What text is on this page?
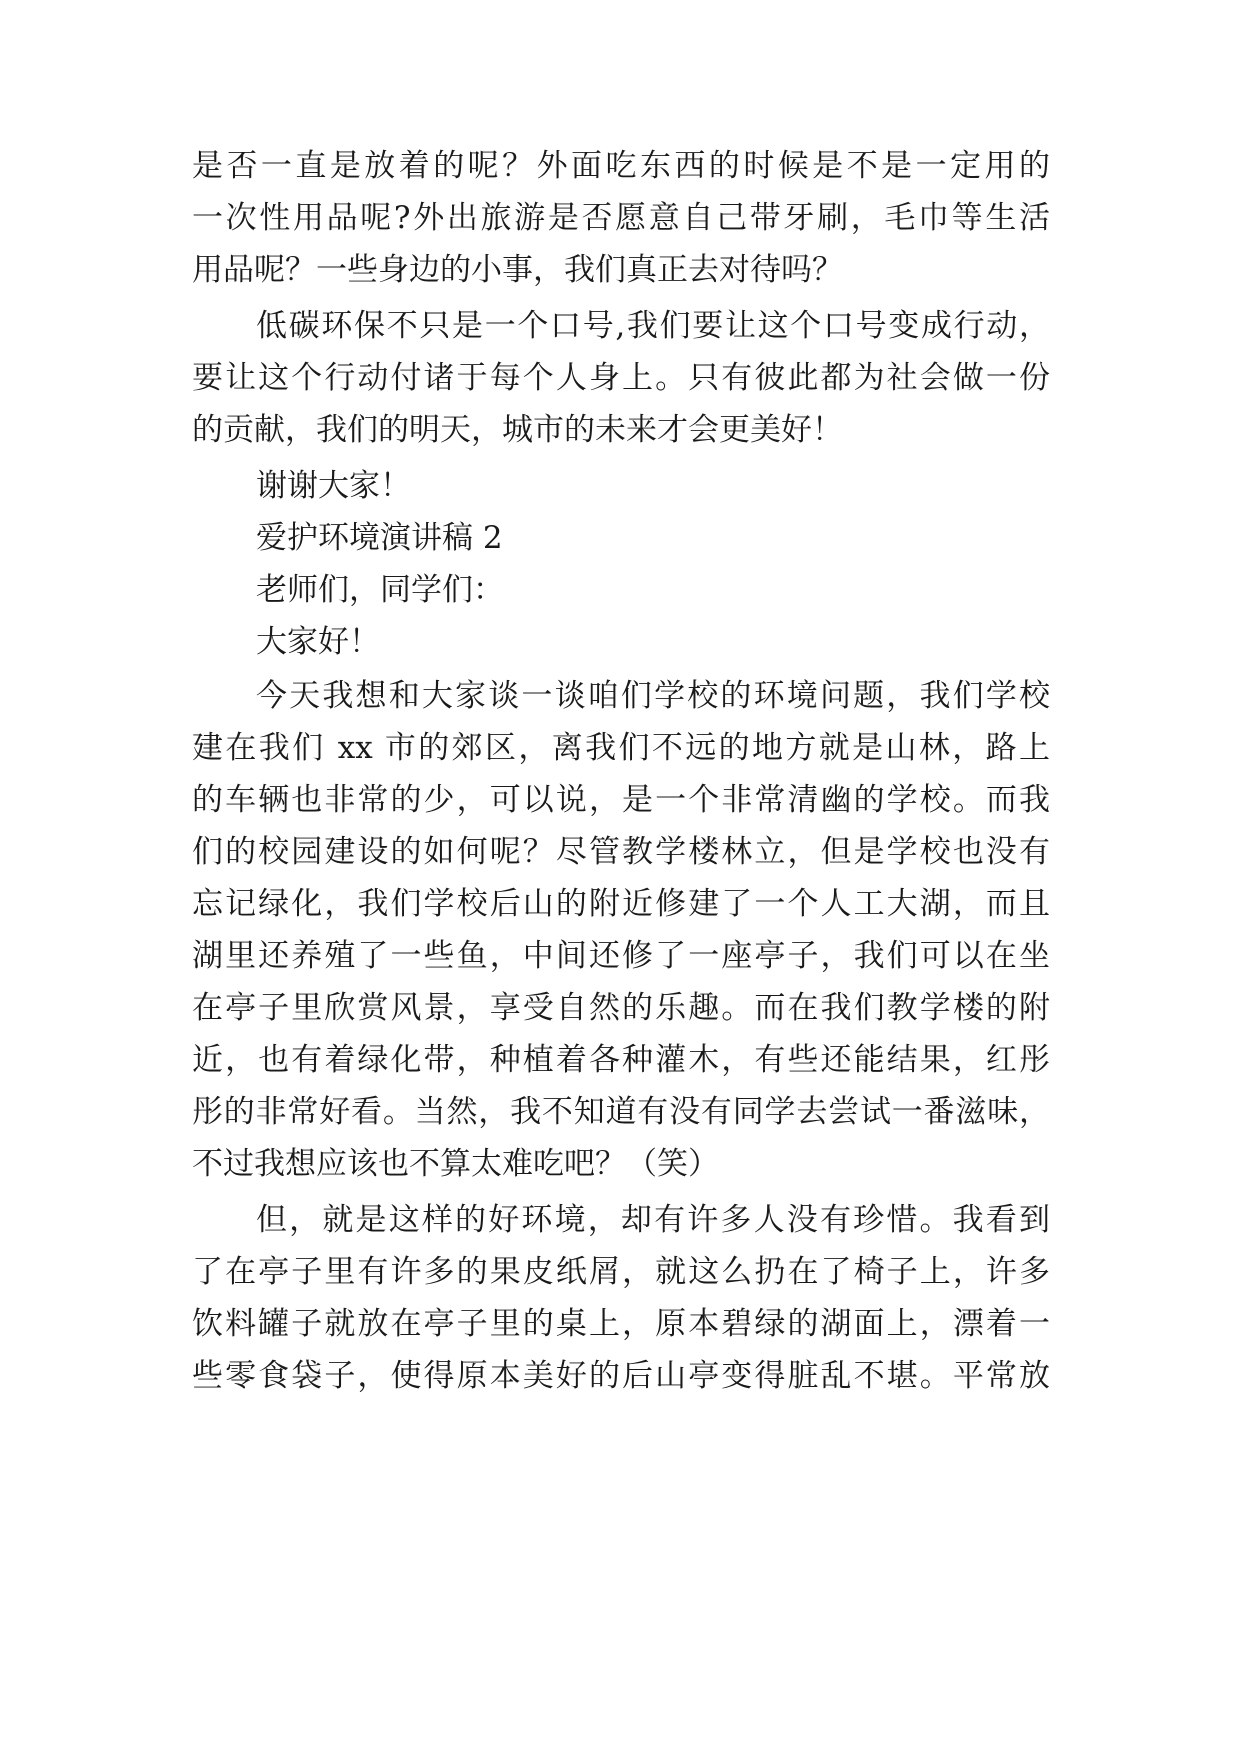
是否一直是放着的呢？外面吃东西的时候是不是一定用的
一次性用品呢?外出旅游是否愿意自己带牙刷，毛巾等生活
用品呢？一些身边的小事，我们真正去对待吗？
低碳环保不只是一个口号,我们要让这个口号变成行动，
要让这个行动付诸于每个人身上。只有彼此都为社会做一份
的贡献，我们的明天，城市的未来才会更美好！
谢谢大家！
爱护环境演讲稿 2
老师们，同学们：
大家好！
今天我想和大家谈一谈咱们学校的环境问题，我们学校
建在我们 xx 市的郊区，离我们不远的地方就是山林，路上
的车辆也非常的少，可以说，是一个非常清幽的学校。而我
们的校园建设的如何呢？尽管教学楼林立，但是学校也没有
忘记绿化，我们学校后山的附近修建了一个人工大湖，而且
湖里还养殖了一些鱼，中间还修了一座亭子，我们可以在坐
在亭子里欣赏风景，享受自然的乐趣。而在我们教学楼的附
近，也有着绿化带，种植着各种灌木，有些还能结果，红彤
彤的非常好看。当然，我不知道有没有同学去尝试一番滋味，
不过我想应该也不算太难吃吧？（笑）
但，就是这样的好环境，却有许多人没有珍惜。我看到
了在亭子里有许多的果皮纸屑，就这么扔在了椅子上，许多
饮料罐子就放在亭子里的桌上，原本碧绿的湖面上，漂着一
些零食袋子，使得原本美好的后山亭变得脏乱不堪。平常放
